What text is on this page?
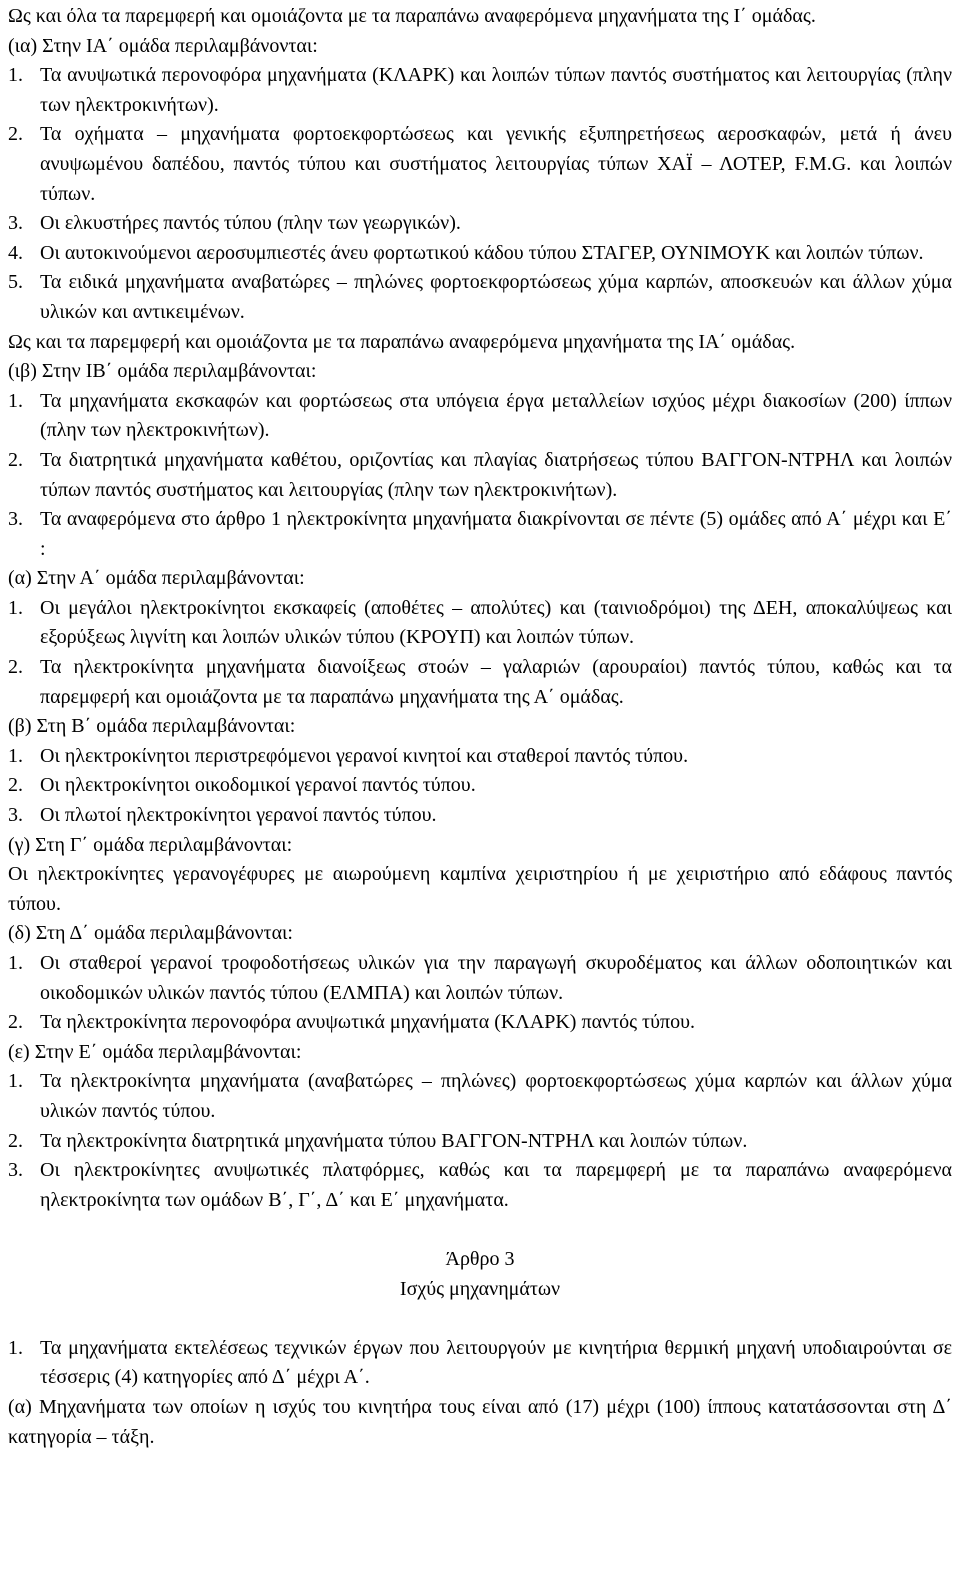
Ως και όλα τα παρεμφερή και ομοιάζοντα με τα παραπάνω αναφερόμενα μηχανήματα της Ι΄ ομάδας.

(ια) Στην ΙΑ΄ ομάδα περιλαμβάνονται:

1. Τα ανυψωτικά περονοφόρα μηχανήματα (ΚΛΑΡΚ) και λοιπών τύπων παντός συστήματος και λειτουργίας (πλην των ηλεκτροκινήτων).
2. Τα οχήματα – μηχανήματα φορτοεκφορτώσεως και γενικής εξυπηρετήσεως αεροσκαφών, μετά ή άνευ ανυψωμένου δαπέδου, παντός τύπου και συστήματος λειτουργίας τύπων ΧΑΪ – ΛΟΤΕΡ, F.M.G. και λοιπών τύπων.
3. Οι ελκυστήρες παντός τύπου (πλην των γεωργικών).
4. Οι αυτοκινούμενοι αεροσυμπιεστές άνευ φορτωτικού κάδου τύπου ΣΤΑΓΕΡ, ΟΥΝΙΜΟΥΚ και λοιπών τύπων.
5. Τα ειδικά μηχανήματα αναβατώρες – πηλώνες φορτοεκφορτώσεως χύμα καρπών, αποσκευών και άλλων χύμα υλικών και αντικειμένων.

Ως και τα παρεμφερή και ομοιάζοντα με τα παραπάνω αναφερόμενα μηχανήματα της ΙΑ΄ ομάδας.

(ιβ) Στην ΙΒ΄ ομάδα περιλαμβάνονται:

1. Τα μηχανήματα εκσκαφών και φορτώσεως στα υπόγεια έργα μεταλλείων ισχύος μέχρι διακοσίων (200) ίππων (πλην των ηλεκτροκινήτων).
2. Τα διατρητικά μηχανήματα καθέτου, οριζοντίας και πλαγίας διατρήσεως τύπου ΒΑΓΓΟΝ-ΝΤΡΗΛ και λοιπών τύπων παντός συστήματος και λειτουργίας (πλην των ηλεκτροκινήτων).
3. Τα αναφερόμενα στο άρθρο 1 ηλεκτροκίνητα μηχανήματα διακρίνονται σε πέντε (5) ομάδες από Α΄ μέχρι και Ε΄ :

(α) Στην Α΄ ομάδα περιλαμβάνονται:

1. Οι μεγάλοι ηλεκτροκίνητοι εκσκαφείς (αποθέτες – απολύτες) και (ταινιοδρόμοι) της ΔΕΗ, αποκαλύψεως και εξορύξεως λιγνίτη και λοιπών υλικών τύπου (ΚΡΟΥΠ) και λοιπών τύπων.
2. Τα ηλεκτροκίνητα μηχανήματα διανοίξεως στοών – γαλαριών (αρουραίοι) παντός τύπου, καθώς και τα παρεμφερή και ομοιάζοντα με τα παραπάνω μηχανήματα της Α΄ ομάδας.

(β) Στη Β΄ ομάδα περιλαμβάνονται:

1. Οι ηλεκτροκίνητοι περιστρεφόμενοι γερανοί κινητοί και σταθεροί παντός τύπου.
2. Οι ηλεκτροκίνητοι οικοδομικοί γερανοί παντός τύπου.
3. Οι πλωτοί ηλεκτροκίνητοι γερανοί παντός τύπου.

(γ) Στη Γ΄ ομάδα περιλαμβάνονται:

Οι ηλεκτροκίνητες γερανογέφυρες με αιωρούμενη καμπίνα χειριστηρίου ή με χειριστήριο από εδάφους παντός τύπου.

(δ) Στη Δ΄ ομάδα περιλαμβάνονται:

1. Οι σταθεροί γερανοί τροφοδοτήσεως υλικών για την παραγωγή σκυροδέματος και άλλων οδοποιητικών και οικοδομικών υλικών παντός τύπου (ΕΛΜΠΑ) και λοιπών τύπων.
2. Τα ηλεκτροκίνητα περονοφόρα ανυψωτικά μηχανήματα (ΚΛΑΡΚ) παντός τύπου.

(ε) Στην Ε΄ ομάδα περιλαμβάνονται:

1. Τα ηλεκτροκίνητα μηχανήματα (αναβατώρες – πηλώνες) φορτοεκφορτώσεως χύμα καρπών και άλλων χύμα υλικών παντός τύπου.
2. Τα ηλεκτροκίνητα διατρητικά μηχανήματα τύπου ΒΑΓΓΟΝ-ΝΤΡΗΛ και λοιπών τύπων.
3. Οι ηλεκτροκίνητες ανυψωτικές πλατφόρμες, καθώς και τα παρεμφερή με τα παραπάνω αναφερόμενα ηλεκτροκίνητα των ομάδων Β΄, Γ΄, Δ΄ και Ε΄ μηχανήματα.

Άρθρο 3

Ισχύς μηχανημάτων

1. Τα μηχανήματα εκτελέσεως τεχνικών έργων που λειτουργούν με κινητήρια θερμική μηχανή υποδιαιρούνται σε τέσσερις (4) κατηγορίες από Δ΄ μέχρι Α΄.

(α) Μηχανήματα των οποίων η ισχύς του κινητήρα τους είναι από (17) μέχρι (100) ίππους κατατάσσονται στη Δ΄ κατηγορία – τάξη.
